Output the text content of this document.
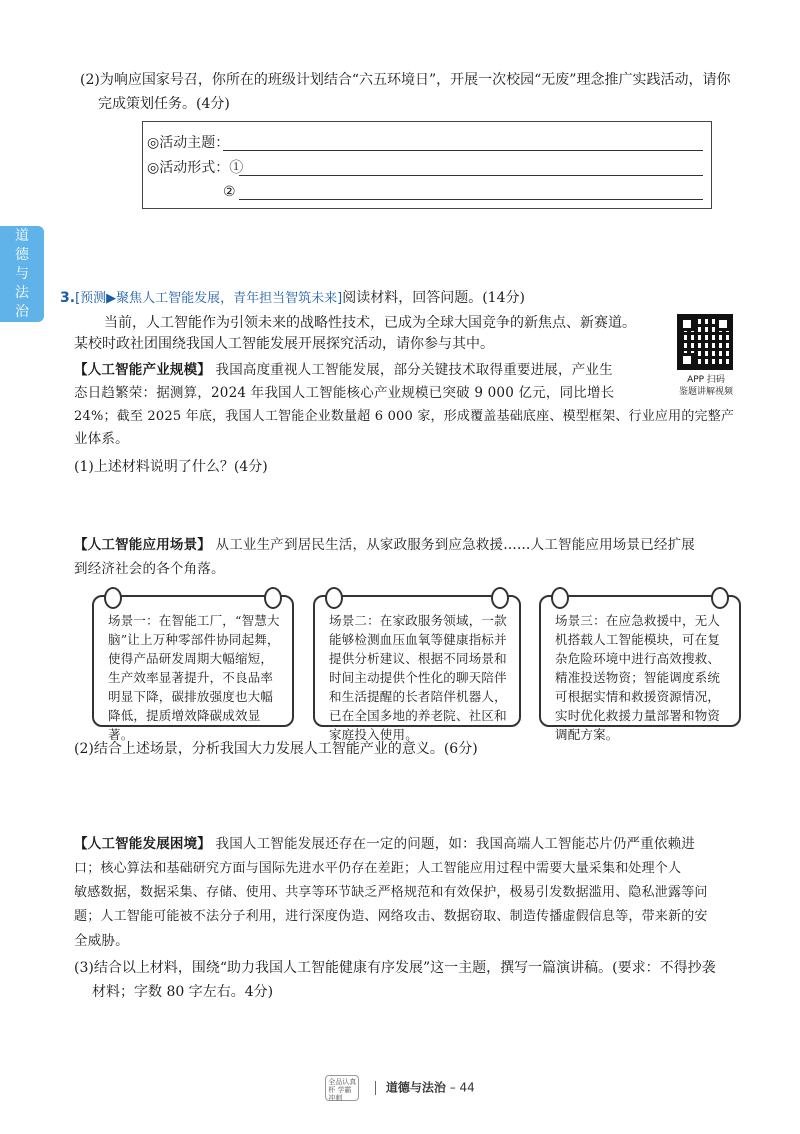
道
德
与
法
治
(2)为响应国家号召，你所在的班级计划结合“六五环境日”，开展一次校园“无废”理念推广实践活动，请你
完成策划任务。(4分)
◎活动主题：
◎活动形式：①
②
3.[预测▶聚焦人工智能发展，青年担当智筑未来]阅读材料，回答问题。(14分)
当前，人工智能作为引领未来的战略性技术，已成为全球大国竞争的新焦点、新赛道。
某校时政社团围绕我国人工智能发展开展探究活动，请你参与其中。
APP 扫码
鉴题讲解视频
【人工智能产业规模】 我国高度重视人工智能发展，部分关键技术取得重要进展，产业生
态日趋繁荣：据测算，2024 年我国人工智能核心产业规模已突破 9 000 亿元，同比增长
24%；截至 2025 年底，我国人工智能企业数量超 6 000 家，形成覆盖基础底座、模型框架、行业应用的完整产
业体系。
(1)上述材料说明了什么？(4分)
【人工智能应用场景】 从工业生产到居民生活，从家政服务到应急救援……人工智能应用场景已经扩展
到经济社会的各个角落。
场景一：在智能工厂，“智慧大脑”让上万种零部件协同起舞，使得产品研发周期大幅缩短，生产效率显著提升，不良品率明显下降，碳排放强度也大幅降低，提质增效降碳成效显著。
场景二：在家政服务领域，一款能够检测血压血氧等健康指标并提供分析建议、根据不同场景和时间主动提供个性化的聊天陪伴和生活提醒的长者陪伴机器人，已在全国多地的养老院、社区和家庭投入使用。
场景三：在应急救援中，无人机搭载人工智能模块，可在复杂危险环境中进行高效搜救、精准投送物资；智能调度系统可根据实情和救援资源情况，实时优化救援力量部署和物资调配方案。
(2)结合上述场景，分析我国大力发展人工智能产业的意义。(6分)
【人工智能发展困境】 我国人工智能发展还存在一定的问题，如：我国高端人工智能芯片仍严重依赖进
口；核心算法和基础研究方面与国际先进水平仍存在差距；人工智能应用过程中需要大量采集和处理个人
敏感数据，数据采集、存储、使用、共享等环节缺乏严格规范和有效保护，极易引发数据滥用、隐私泄露等问
题；人工智能可能被不法分子利用，进行深度伪造、网络攻击、数据窃取、制造传播虚假信息等，带来新的安
全威胁。
(3)结合以上材料，围绕“助力我国人工智能健康有序发展”这一主题，撰写一篇演讲稿。(要求：不得抄袭
材料；字数 80 字左右。4分)
全品认真杯 学霸冲刺  道德与法治 – 44
